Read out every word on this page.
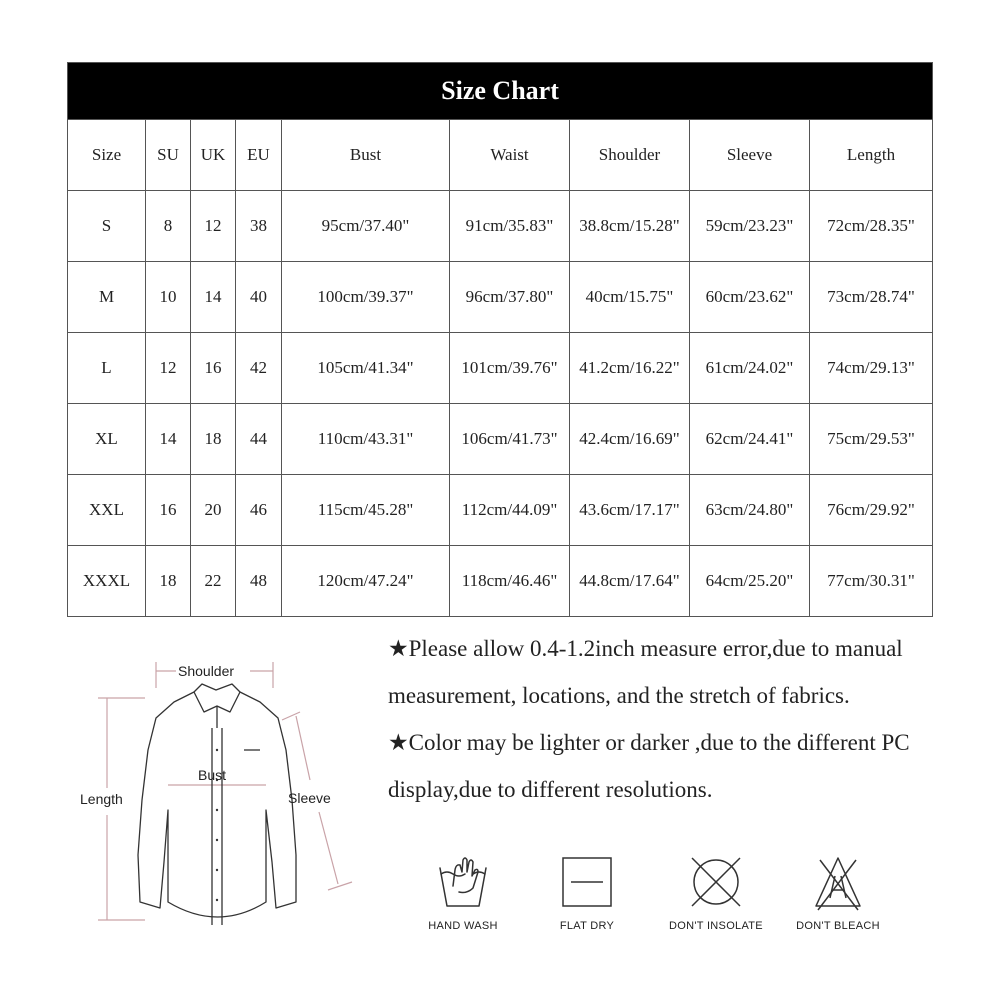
Size Chart								
Size	SU	UK	EU	Bust	Waist	Shoulder	Sleeve	Length
S	8	12	38	95cm/37.40"	91cm/35.83"	38.8cm/15.28"	59cm/23.23"	72cm/28.35"
M	10	14	40	100cm/39.37"	96cm/37.80"	40cm/15.75"	60cm/23.62"	73cm/28.74"
L	12	16	42	105cm/41.34"	101cm/39.76"	41.2cm/16.22"	61cm/24.02"	74cm/29.13"
XL	14	18	44	110cm/43.31"	106cm/41.73"	42.4cm/16.69"	62cm/24.41"	75cm/29.53"
XXL	16	20	46	115cm/45.28"	112cm/44.09"	43.6cm/17.17"	63cm/24.80"	76cm/29.92"
XXXL	18	22	48	120cm/47.24"	118cm/46.46"	44.8cm/17.64"	64cm/25.20"	77cm/30.31"
Shoulder
Bust
Length	Sleeve

★Please allow 0.4-1.2inch measure error,due to manual measurement, locations, and the stretch of fabrics.

★Color may be lighter or darker ,due to the different PC display,due to different resolutions.

HAND WASH	FLAT DRY	DON'T INSOLATE	DON'T BLEACH
